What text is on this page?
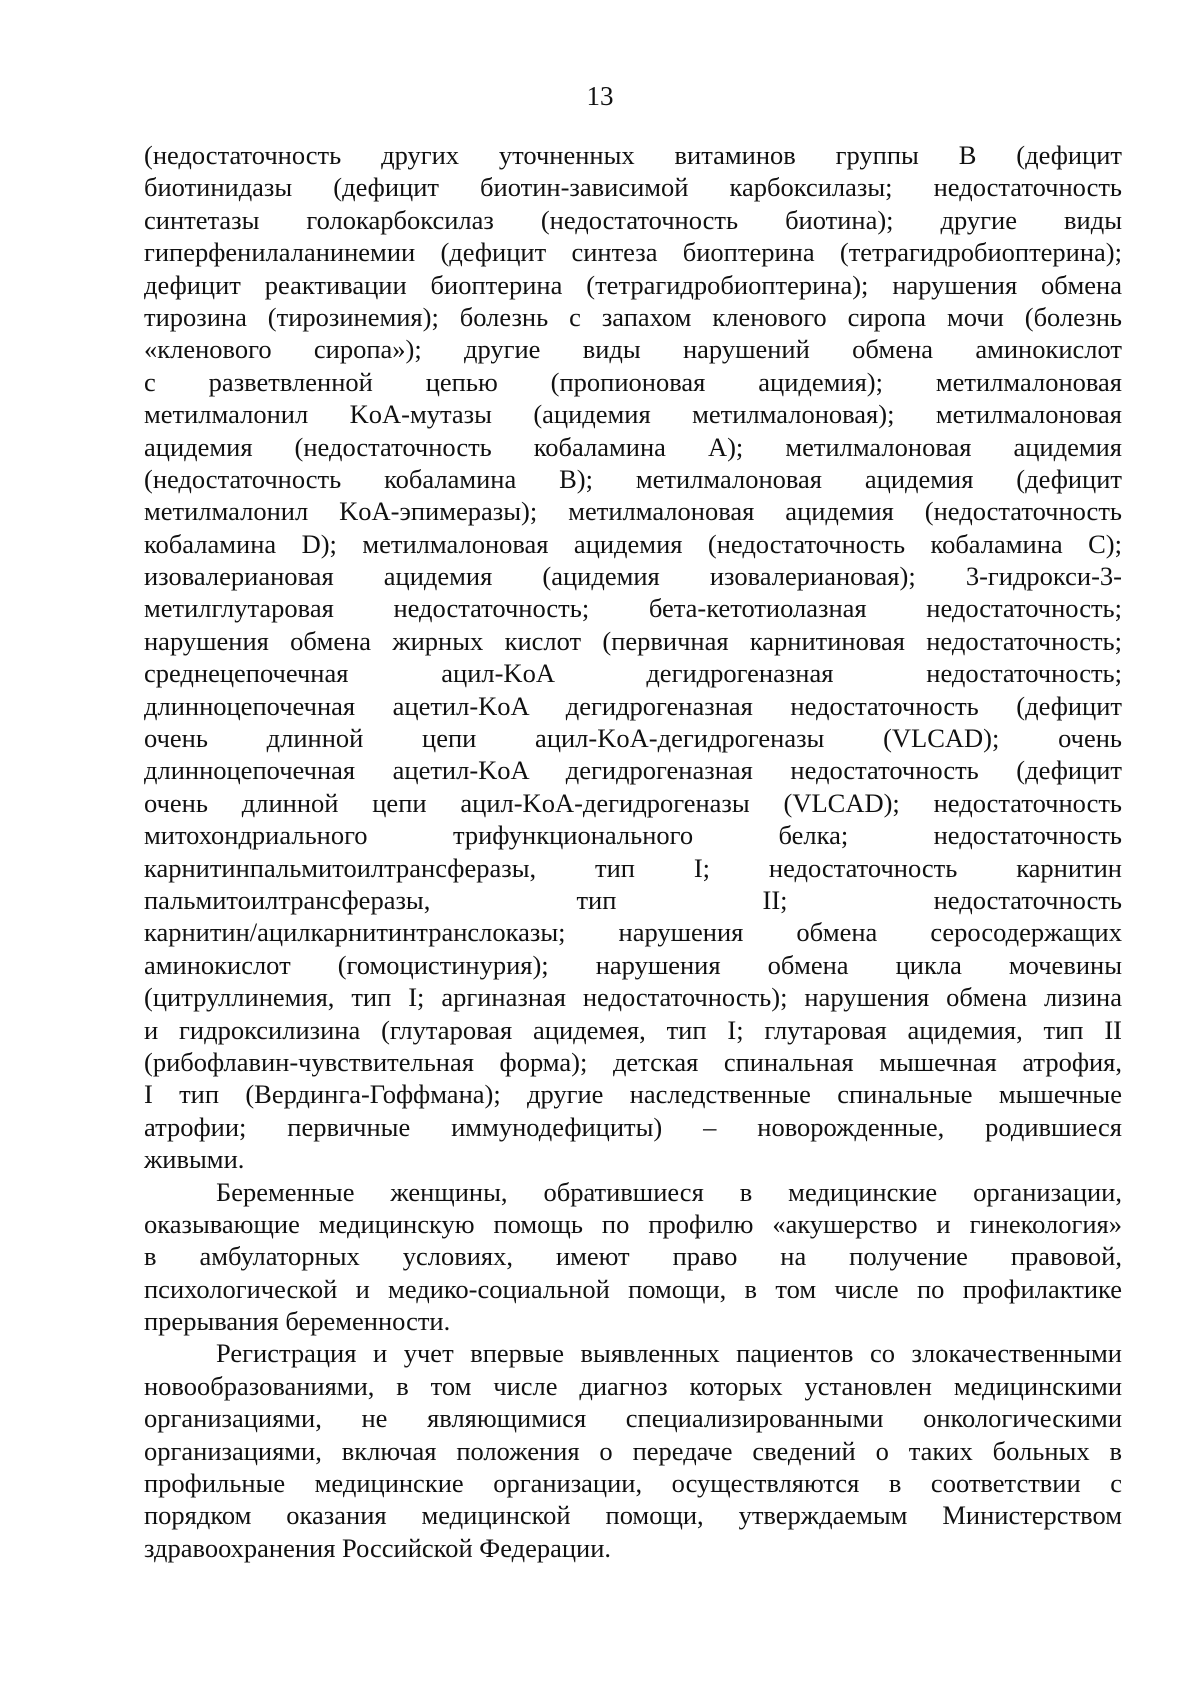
13
(недостаточность других уточненных витаминов группы В (дефицит
биотинидазы (дефицит биотин-зависимой карбоксилазы; недостаточность
синтетазы голокарбоксилаз (недостаточность биотина); другие виды
гиперфенилаланинемии (дефицит синтеза биоптерина (тетрагидробиоптерина);
дефицит реактивации биоптерина (тетрагидробиоптерина); нарушения обмена
тирозина (тирозинемия); болезнь с запахом кленового сиропа мочи (болезнь
«кленового сиропа»); другие виды нарушений обмена аминокислот
с разветвленной цепью (пропионовая ацидемия); метилмалоновая
метилмалонил KoA-мутазы (ацидемия метилмалоновая); метилмалоновая
ацидемия (недостаточность кобаламина А); метилмалоновая ацидемия
(недостаточность кобаламина В); метилмалоновая ацидемия (дефицит
метилмалонил KoA-эпимеразы); метилмалоновая ацидемия (недостаточность
кобаламина D); метилмалоновая ацидемия (недостаточность кобаламина С);
изовалериановая ацидемия (ацидемия изовалериановая); 3-гидрокси-3-
метилглутаровая недостаточность; бета-кетотиолазная недостаточность;
нарушения обмена жирных кислот (первичная карнитиновая недостаточность;
среднецепочечная ацил-KoA дегидрогеназная недостаточность;
длинноцепочечная ацетил-KoA дегидрогеназная недостаточность (дефицит
очень длинной цепи ацил-KoA-дегидрогеназы (VLCAD); очень
длинноцепочечная ацетил-KoA дегидрогеназная недостаточность (дефицит
очень длинной цепи ацил-KoA-дегидрогеназы (VLCAD); недостаточность
митохондриального трифункционального белка; недостаточность
карнитинпальмитоилтрансферазы, тип I; недостаточность карнитин
пальмитоилтрансферазы, тип II; недостаточность
карнитин/ацилкарнитинтранслоказы; нарушения обмена серосодержащих
аминокислот (гомоцистинурия); нарушения обмена цикла мочевины
(цитруллинемия, тип I; аргиназная недостаточность); нарушения обмена лизина
и гидроксилизина (глутаровая ацидемея, тип I; глутаровая ацидемия, тип II
(рибофлавин-чувствительная форма); детская спинальная мышечная атрофия,
I тип (Вердинга-Гоффмана); другие наследственные спинальные мышечные
атрофии; первичные иммунодефициты) – новорожденные, родившиеся
живыми.
Беременные женщины, обратившиеся в медицинские организации,
оказывающие медицинскую помощь по профилю «акушерство и гинекология»
в амбулаторных условиях, имеют право на получение правовой,
психологической и медико-социальной помощи, в том числе по профилактике
прерывания беременности.
Регистрация и учет впервые выявленных пациентов со злокачественными
новообразованиями, в том числе диагноз которых установлен медицинскими
организациями, не являющимися специализированными онкологическими
организациями, включая положения о передаче сведений о таких больных в
профильные медицинские организации, осуществляются в соответствии с
порядком оказания медицинской помощи, утверждаемым Министерством
здравоохранения Российской Федерации.
